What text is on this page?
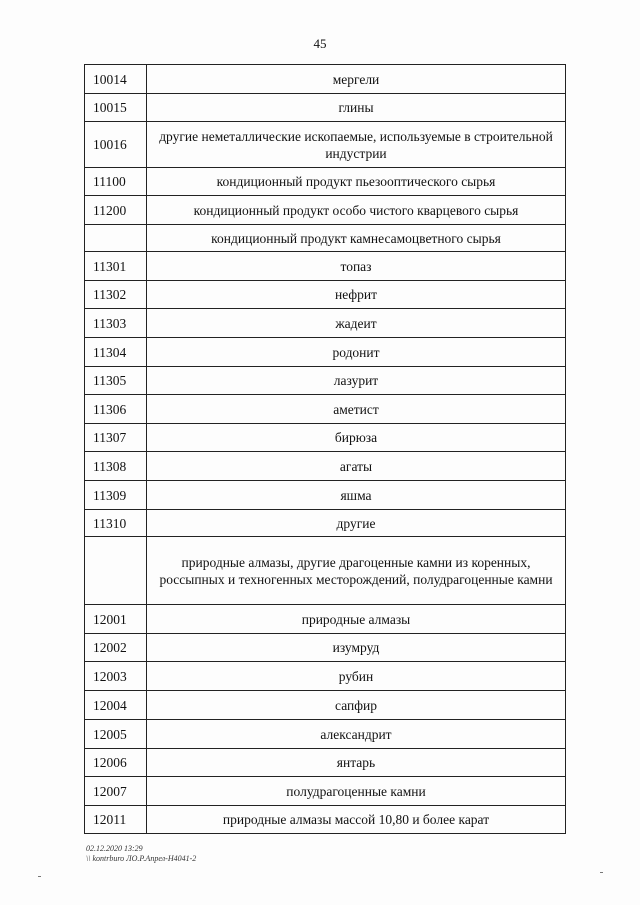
45
10014	мергели
10015	глины
10016	другие неметаллические ископаемые, используемые в строительной индустрии
11100	кондиционный продукт пьезооптического сырья
11200	кондиционный продукт особо чистого кварцевого сырья
	кондиционный продукт камнесамоцветного сырья
11301	топаз
11302	нефрит
11303	жадеит
11304	родонит
11305	лазурит
11306	аметист
11307	бирюза
11308	агаты
11309	яшма
11310	другие
	природные алмазы, другие драгоценные камни из коренных, россыпных и техногенных месторождений, полудрагоценные камни
12001	природные алмазы
12002	изумруд
12003	рубин
12004	сапфир
12005	александрит
12006	янтарь
12007	полудрагоценные камни
12011	природные алмазы массой 10,80 и более карат
02.12.2020 13:29
\\ kontrburo ЛО.Р.Апрел-Н4041-2
